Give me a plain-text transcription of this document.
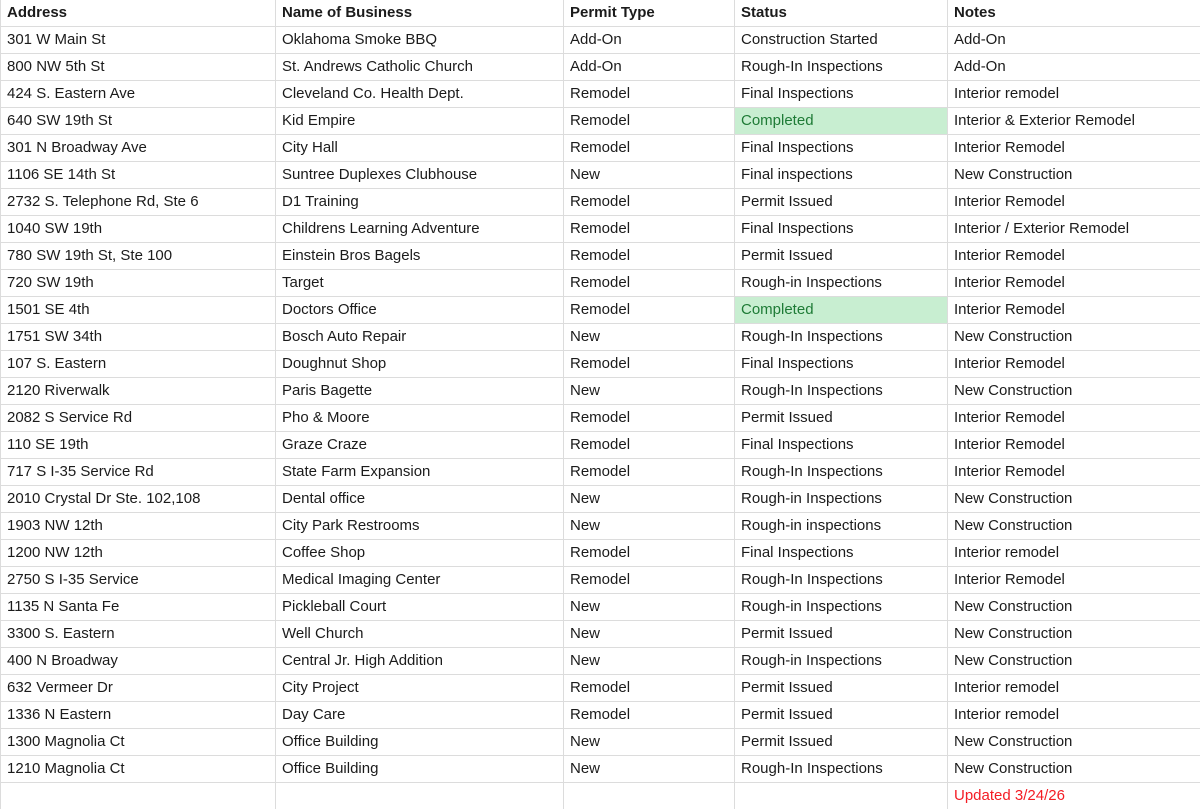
Address	Name of Business	Permit Type	Status	Notes
301 W Main St	Oklahoma Smoke BBQ	Add-On	Construction Started	Add-On
800 NW 5th St	St. Andrews Catholic Church	Add-On	Rough-In Inspections	Add-On
424 S. Eastern Ave	Cleveland Co. Health Dept.	Remodel	Final Inspections	Interior remodel
640 SW 19th St	Kid Empire	Remodel	Completed	Interior & Exterior Remodel
301 N Broadway Ave	City Hall	Remodel	Final Inspections	Interior Remodel
1106 SE 14th St	Suntree Duplexes Clubhouse	New	Final inspections	New Construction
2732 S. Telephone Rd, Ste 6	D1 Training	Remodel	Permit Issued	Interior Remodel
1040 SW 19th	Childrens Learning Adventure	Remodel	Final Inspections	Interior / Exterior Remodel
780 SW 19th St, Ste 100	Einstein Bros Bagels	Remodel	Permit Issued	Interior Remodel
720 SW 19th	Target	Remodel	Rough-in Inspections	Interior Remodel
1501 SE 4th	Doctors Office	Remodel	Completed	Interior Remodel
1751 SW 34th	Bosch Auto Repair	New	Rough-In Inspections	New Construction
107 S. Eastern	Doughnut Shop	Remodel	Final Inspections	Interior Remodel
2120 Riverwalk	Paris Bagette	New	Rough-In Inspections	New Construction
2082 S Service Rd	Pho & Moore	Remodel	Permit Issued	Interior Remodel
110 SE 19th	Graze Craze	Remodel	Final Inspections	Interior Remodel
717 S I-35 Service Rd	State Farm Expansion	Remodel	Rough-In Inspections	Interior Remodel
2010 Crystal Dr Ste. 102,108	Dental office	New	Rough-in Inspections	New Construction
1903 NW 12th	City Park Restrooms	New	Rough-in inspections	New Construction
1200 NW 12th	Coffee Shop	Remodel	Final Inspections	Interior remodel
2750 S I-35 Service	Medical Imaging Center	Remodel	Rough-In Inspections	Interior Remodel
1135 N Santa Fe	Pickleball Court	New	Rough-in Inspections	New Construction
3300 S. Eastern	Well Church	New	Permit Issued	New Construction
400 N Broadway	Central Jr. High Addition	New	Rough-in Inspections	New Construction
632 Vermeer Dr	City Project	Remodel	Permit Issued	Interior remodel
1336 N Eastern	Day Care	Remodel	Permit Issued	Interior remodel
1300 Magnolia Ct	Office Building	New	Permit Issued	New Construction
1210 Magnolia Ct	Office Building	New	Rough-In Inspections	New Construction
				Updated 3/24/26
